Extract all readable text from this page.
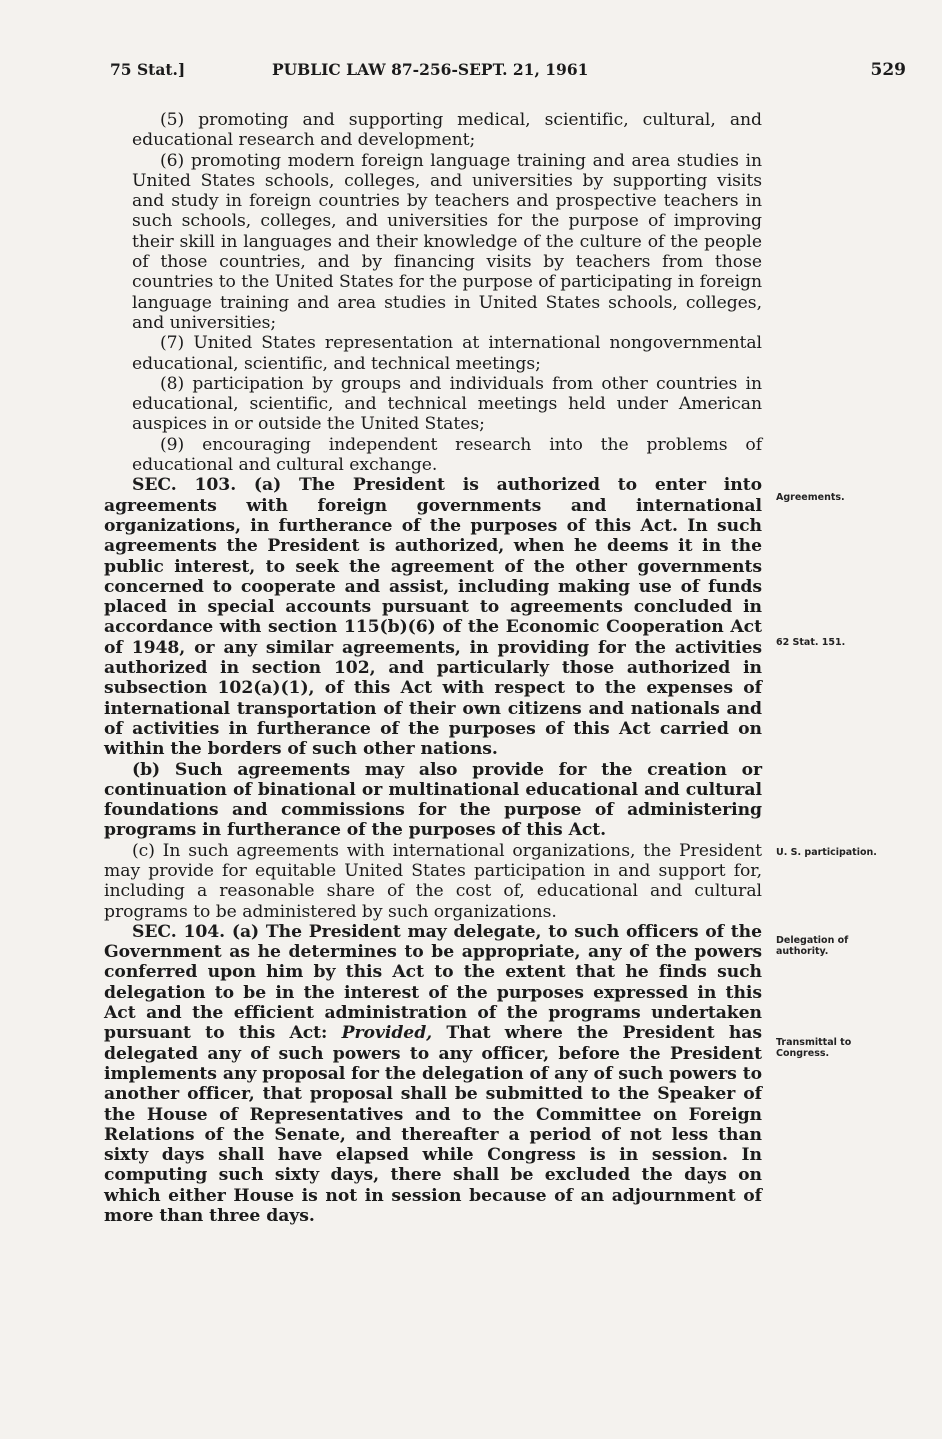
75 Stat.]	PUBLIC LAW 87-256-SEPT. 21, 1961	529

(5) promoting and supporting medical, scientific, cultural, and educational research and development;

(6) promoting modern foreign language training and area studies in United States schools, colleges, and universities by supporting visits and study in foreign countries by teachers and prospective teachers in such schools, colleges, and universities for the purpose of improving their skill in languages and their knowledge of the culture of the people of those countries, and by financing visits by teachers from those countries to the United States for the purpose of participating in foreign language training and area studies in United States schools, colleges, and universities;

(7) United States representation at international nongovernmental educational, scientific, and technical meetings;

(8) participation by groups and individuals from other countries in educational, scientific, and technical meetings held under American auspices in or outside the United States;

(9) encouraging independent research into the problems of educational and cultural exchange.

SEC. 103. (a) The President is authorized to enter into agreements with foreign governments and international organizations, in furtherance of the purposes of this Act. In such agreements the President is authorized, when he deems it in the public interest, to seek the agreement of the other governments concerned to cooperate and assist, including making use of funds placed in special accounts pursuant to agreements concluded in accordance with section 115(b)(6) of the Economic Cooperation Act of 1948, or any similar agreements, in providing for the activities authorized in section 102, and particularly those authorized in subsection 102(a)(1), of this Act with respect to the expenses of international transportation of their own citizens and nationals and of activities in furtherance of the purposes of this Act carried on within the borders of such other nations.

(b) Such agreements may also provide for the creation or continuation of binational or multinational educational and cultural foundations and commissions for the purpose of administering programs in furtherance of the purposes of this Act.

(c) In such agreements with international organizations, the President may provide for equitable United States participation in and support for, including a reasonable share of the cost of, educational and cultural programs to be administered by such organizations.

SEC. 104. (a) The President may delegate, to such officers of the Government as he determines to be appropriate, any of the powers conferred upon him by this Act to the extent that he finds such delegation to be in the interest of the purposes expressed in this Act and the efficient administration of the programs undertaken pursuant to this Act: Provided, That where the President has delegated any of such powers to any officer, before the President implements any proposal for the delegation of any of such powers to another officer, that proposal shall be submitted to the Speaker of the House of Representatives and to the Committee on Foreign Relations of the Senate, and thereafter a period of not less than sixty days shall have elapsed while Congress is in session. In computing such sixty days, there shall be excluded the days on which either House is not in session because of an adjournment of more than three days.

Agreements.
62 Stat. 151.
U. S. participation.
Delegation of authority.
Transmittal to Congress.
